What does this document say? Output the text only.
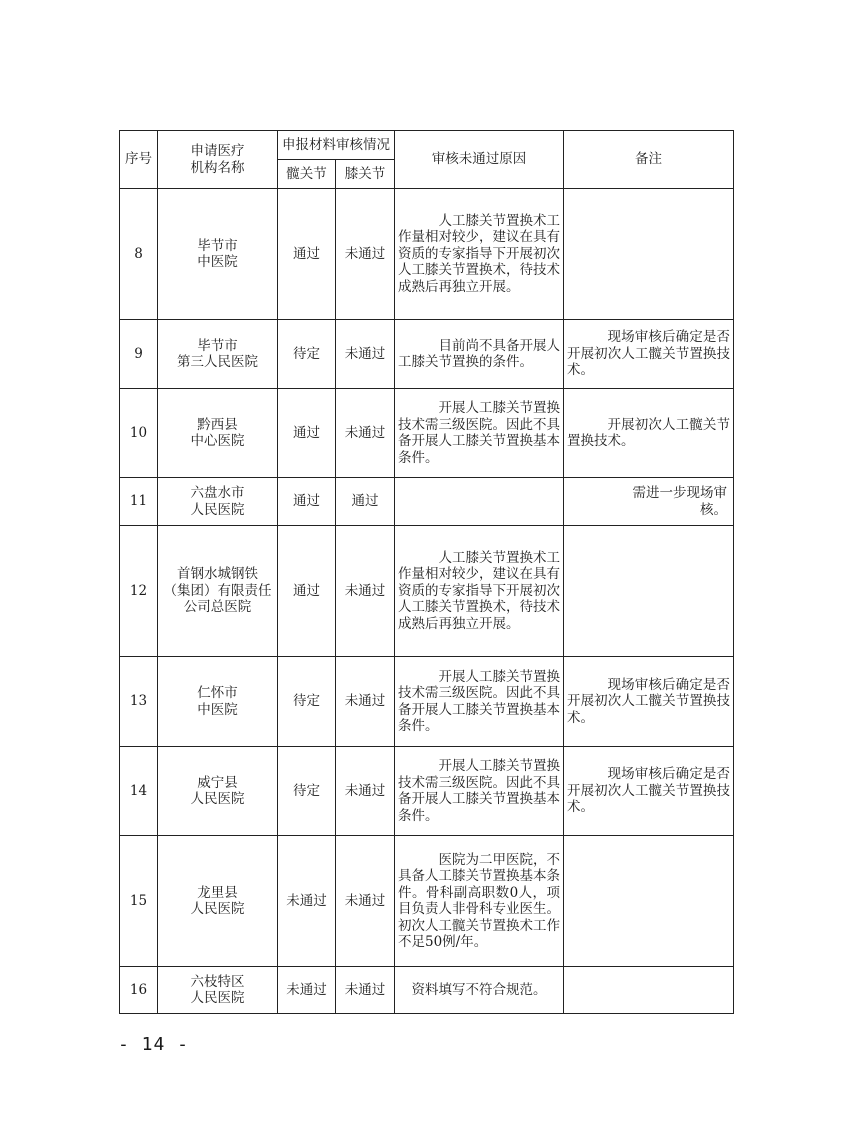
序号	申请医疗
机构名称	申报材料审核情况		审核未通过原因	备注
		髋关节	膝关节		
8	毕节市
中医院	通过	未通过	人工膝关节置换术工作量相对较少，建议在具有资质的专家指导下开展初次人工膝关节置换术，待技术成熟后再独立开展。	

9	毕节市
第三人民医院	待定	未通过	目前尚不具备开展人工膝关节置换的条件。	现场审核后确定是否开展初次人工髋关节置换技术。

10	黔西县
中心医院	通过	未通过	开展人工膝关节置换技术需三级医院。因此不具备开展人工膝关节置换基本条件。	开展初次人工髋关节置换技术。

11	六盘水市
人民医院	通过	通过		需进一步现场审核。

12	首钢水城钢铁
（集团）有限责任
公司总医院	通过	未通过	人工膝关节置换术工作量相对较少，建议在具有资质的专家指导下开展初次人工膝关节置换术，待技术成熟后再独立开展。	

13	仁怀市
中医院	待定	未通过	开展人工膝关节置换技术需三级医院。因此不具备开展人工膝关节置换基本条件。	现场审核后确定是否开展初次人工髋关节置换技术。

14	威宁县
人民医院	待定	未通过	开展人工膝关节置换技术需三级医院。因此不具备开展人工膝关节置换基本条件。	现场审核后确定是否开展初次人工髋关节置换技术。

15	龙里县
人民医院	未通过	未通过	医院为二甲医院，不具备人工膝关节置换基本条件。骨科副高职数0人，项目负责人非骨科专业医生。初次人工髋关节置换术工作不足50例/年。	

16	六枝特区
人民医院	未通过	未通过	资料填写不符合规范。	

- 14 -
